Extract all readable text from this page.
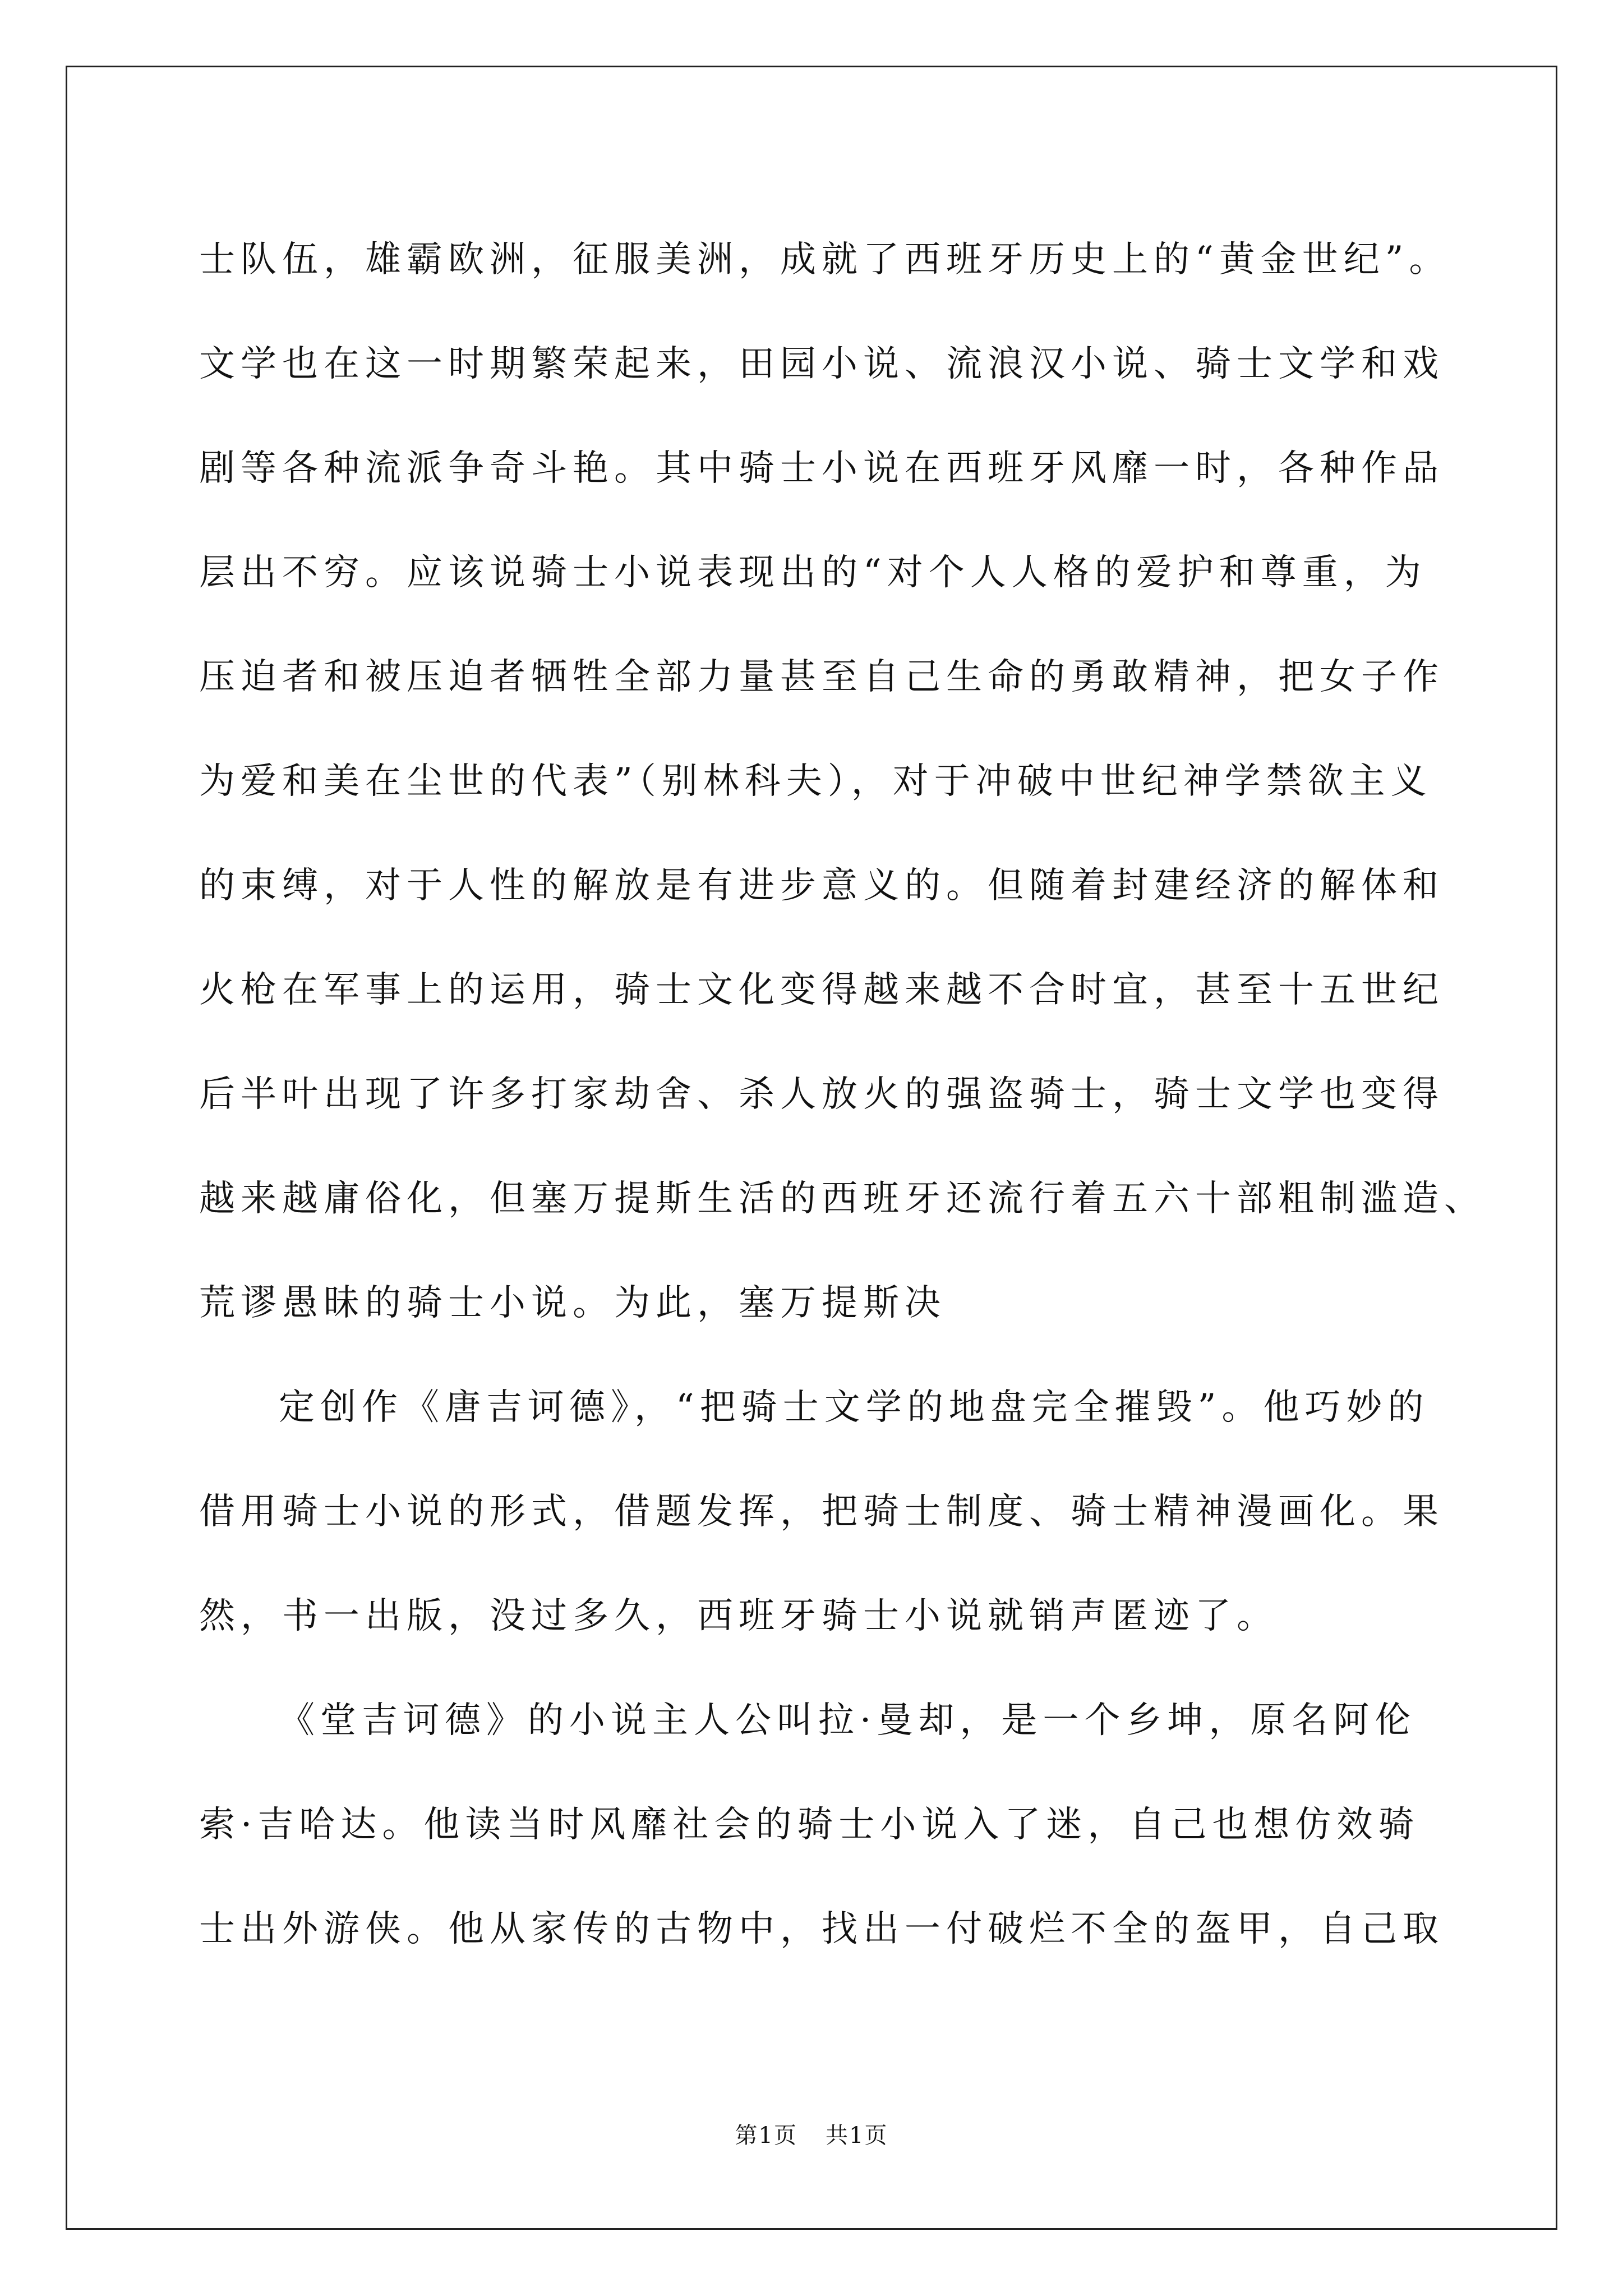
士队伍，雄霸欧洲，征服美洲，成就了西班牙历史上的“黄金世纪”。
文学也在这一时期繁荣起来，田园小说、流浪汉小说、骑士文学和戏
剧等各种流派争奇斗艳。其中骑士小说在西班牙风靡一时，各种作品
层出不穷。应该说骑士小说表现出的“对个人人格的爱护和尊重，为
压迫者和被压迫者牺牲全部力量甚至自己生命的勇敢精神，把女子作
为爱和美在尘世的代表”（别林科夫），对于冲破中世纪神学禁欲主义
的束缚，对于人性的解放是有进步意义的。但随着封建经济的解体和
火枪在军事上的运用，骑士文化变得越来越不合时宜，甚至十五世纪
后半叶出现了许多打家劫舍、杀人放火的强盗骑士，骑士文学也变得
越来越庸俗化，但塞万提斯生活的西班牙还流行着五六十部粗制滥造、
荒谬愚昧的骑士小说。为此，塞万提斯决
定创作《唐吉诃德》，“把骑士文学的地盘完全摧毁”。他巧妙的
借用骑士小说的形式，借题发挥，把骑士制度、骑士精神漫画化。果
然，书一出版，没过多久，西班牙骑士小说就销声匿迹了。
《堂吉诃德》的小说主人公叫拉·曼却，是一个乡坤，原名阿伦
索·吉哈达。他读当时风靡社会的骑士小说入了迷，自己也想仿效骑
士出外游侠。他从家传的古物中，找出一付破烂不全的盔甲，自己取
第1页 共1页
